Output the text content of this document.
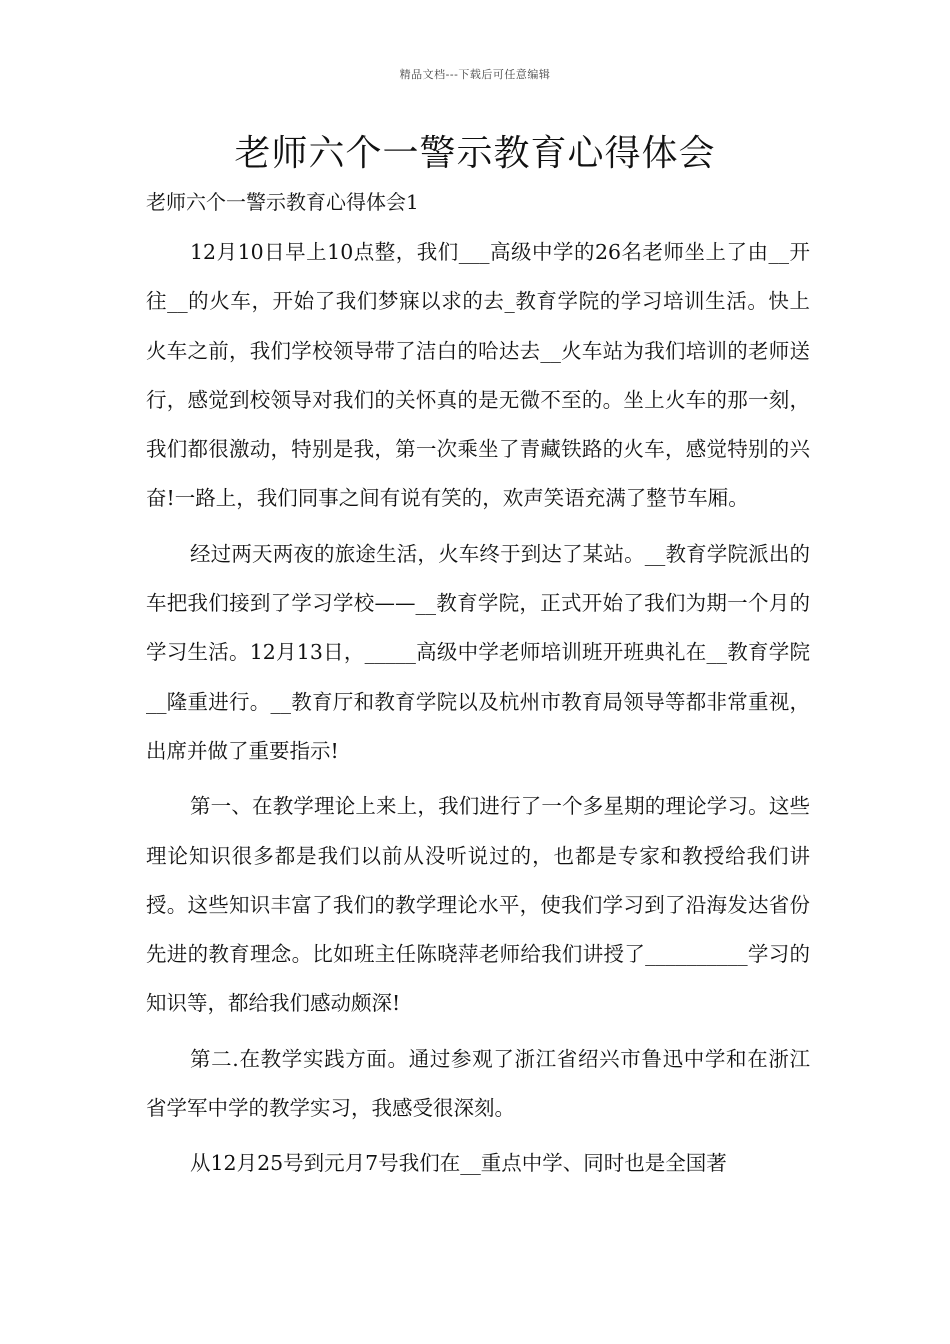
精品文档---下载后可任意编辑
老师六个一警示教育心得体会
老师六个一警示教育心得体会1

12月10日早上10点整，我们___高级中学的26名老师坐上了由__开往__的火车，开始了我们梦寐以求的去_教育学院的学习培训生活。快上火车之前，我们学校领导带了洁白的哈达去__火车站为我们培训的老师送行，感觉到校领导对我们的关怀真的是无微不至的。坐上火车的那一刻，我们都很激动，特别是我，第一次乘坐了青藏铁路的火车，感觉特别的兴奋!一路上，我们同事之间有说有笑的，欢声笑语充满了整节车厢。

经过两天两夜的旅途生活，火车终于到达了某站。__教育学院派出的车把我们接到了学习学校——__教育学院，正式开始了我们为期一个月的学习生活。12月13日，_____高级中学老师培训班开班典礼在__教育学院__隆重进行。__教育厅和教育学院以及杭州市教育局领导等都非常重视，出席并做了重要指示!

第一、在教学理论上来上，我们进行了一个多星期的理论学习。这些理论知识很多都是我们以前从没听说过的，也都是专家和教授给我们讲授。这些知识丰富了我们的教学理论水平，使我们学习到了沿海发达省份先进的教育理念。比如班主任陈晓萍老师给我们讲授了__________学习的知识等，都给我们感动颇深!

第二.在教学实践方面。通过参观了浙江省绍兴市鲁迅中学和在浙江省学军中学的教学实习，我感受很深刻。

从12月25号到元月7号我们在__重点中学、同时也是全国著
